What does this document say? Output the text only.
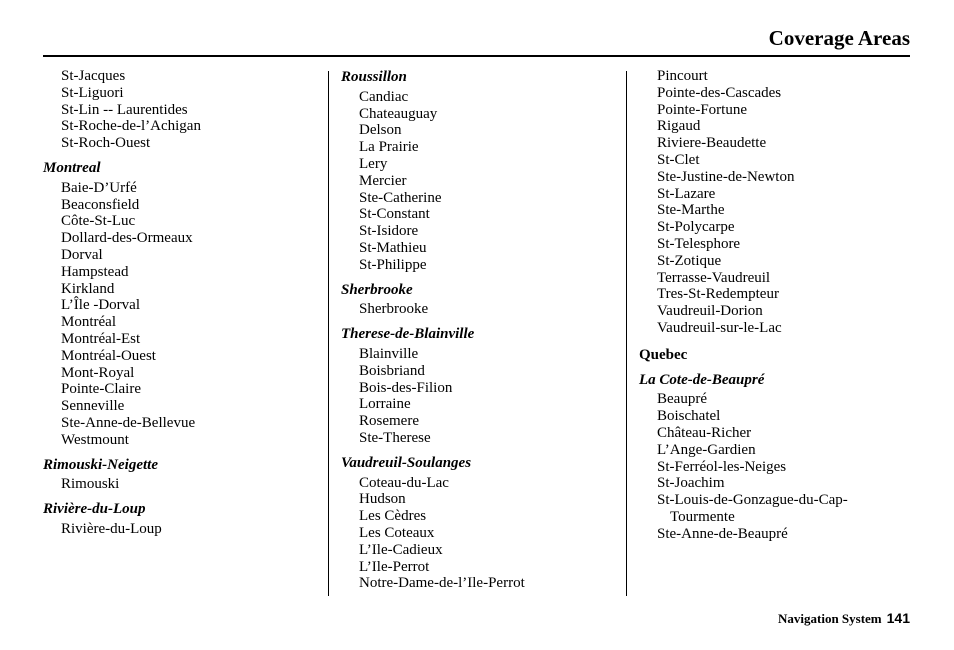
Coverage Areas
St-Jacques
St-Liguori
St-Lin -- Laurentides
St-Roche-de-l’Achigan
St-Roch-Ouest
Montreal
Baie-D’Urfé
Beaconsfield
Côte-St-Luc
Dollard-des-Ormeaux
Dorval
Hampstead
Kirkland
L’Île -Dorval
Montréal
Montréal-Est
Montréal-Ouest
Mont-Royal
Pointe-Claire
Senneville
Ste-Anne-de-Bellevue
Westmount
Rimouski-Neigette
Rimouski
Rivière-du-Loup
Rivière-du-Loup
Roussillon
Candiac
Chateauguay
Delson
La Prairie
Lery
Mercier
Ste-Catherine
St-Constant
St-Isidore
St-Mathieu
St-Philippe
Sherbrooke
Sherbrooke
Therese-de-Blainville
Blainville
Boisbriand
Bois-des-Filion
Lorraine
Rosemere
Ste-Therese
Vaudreuil-Soulanges
Coteau-du-Lac
Hudson
Les Cèdres
Les Coteaux
L’Ile-Cadieux
L’Ile-Perrot
Notre-Dame-de-l’Ile-Perrot
Pincourt
Pointe-des-Cascades
Pointe-Fortune
Rigaud
Riviere-Beaudette
St-Clet
Ste-Justine-de-Newton
St-Lazare
Ste-Marthe
St-Polycarpe
St-Telesphore
St-Zotique
Terrasse-Vaudreuil
Tres-St-Redempteur
Vaudreuil-Dorion
Vaudreuil-sur-le-Lac
Quebec
La Cote-de-Beaupré
Beaupré
Boischatel
Château-Richer
L’Ange-Gardien
St-Ferréol-les-Neiges
St-Joachim
St-Louis-de-Gonzague-du-Cap-
Tourmente
Ste-Anne-de-Beaupré
Navigation System 141
